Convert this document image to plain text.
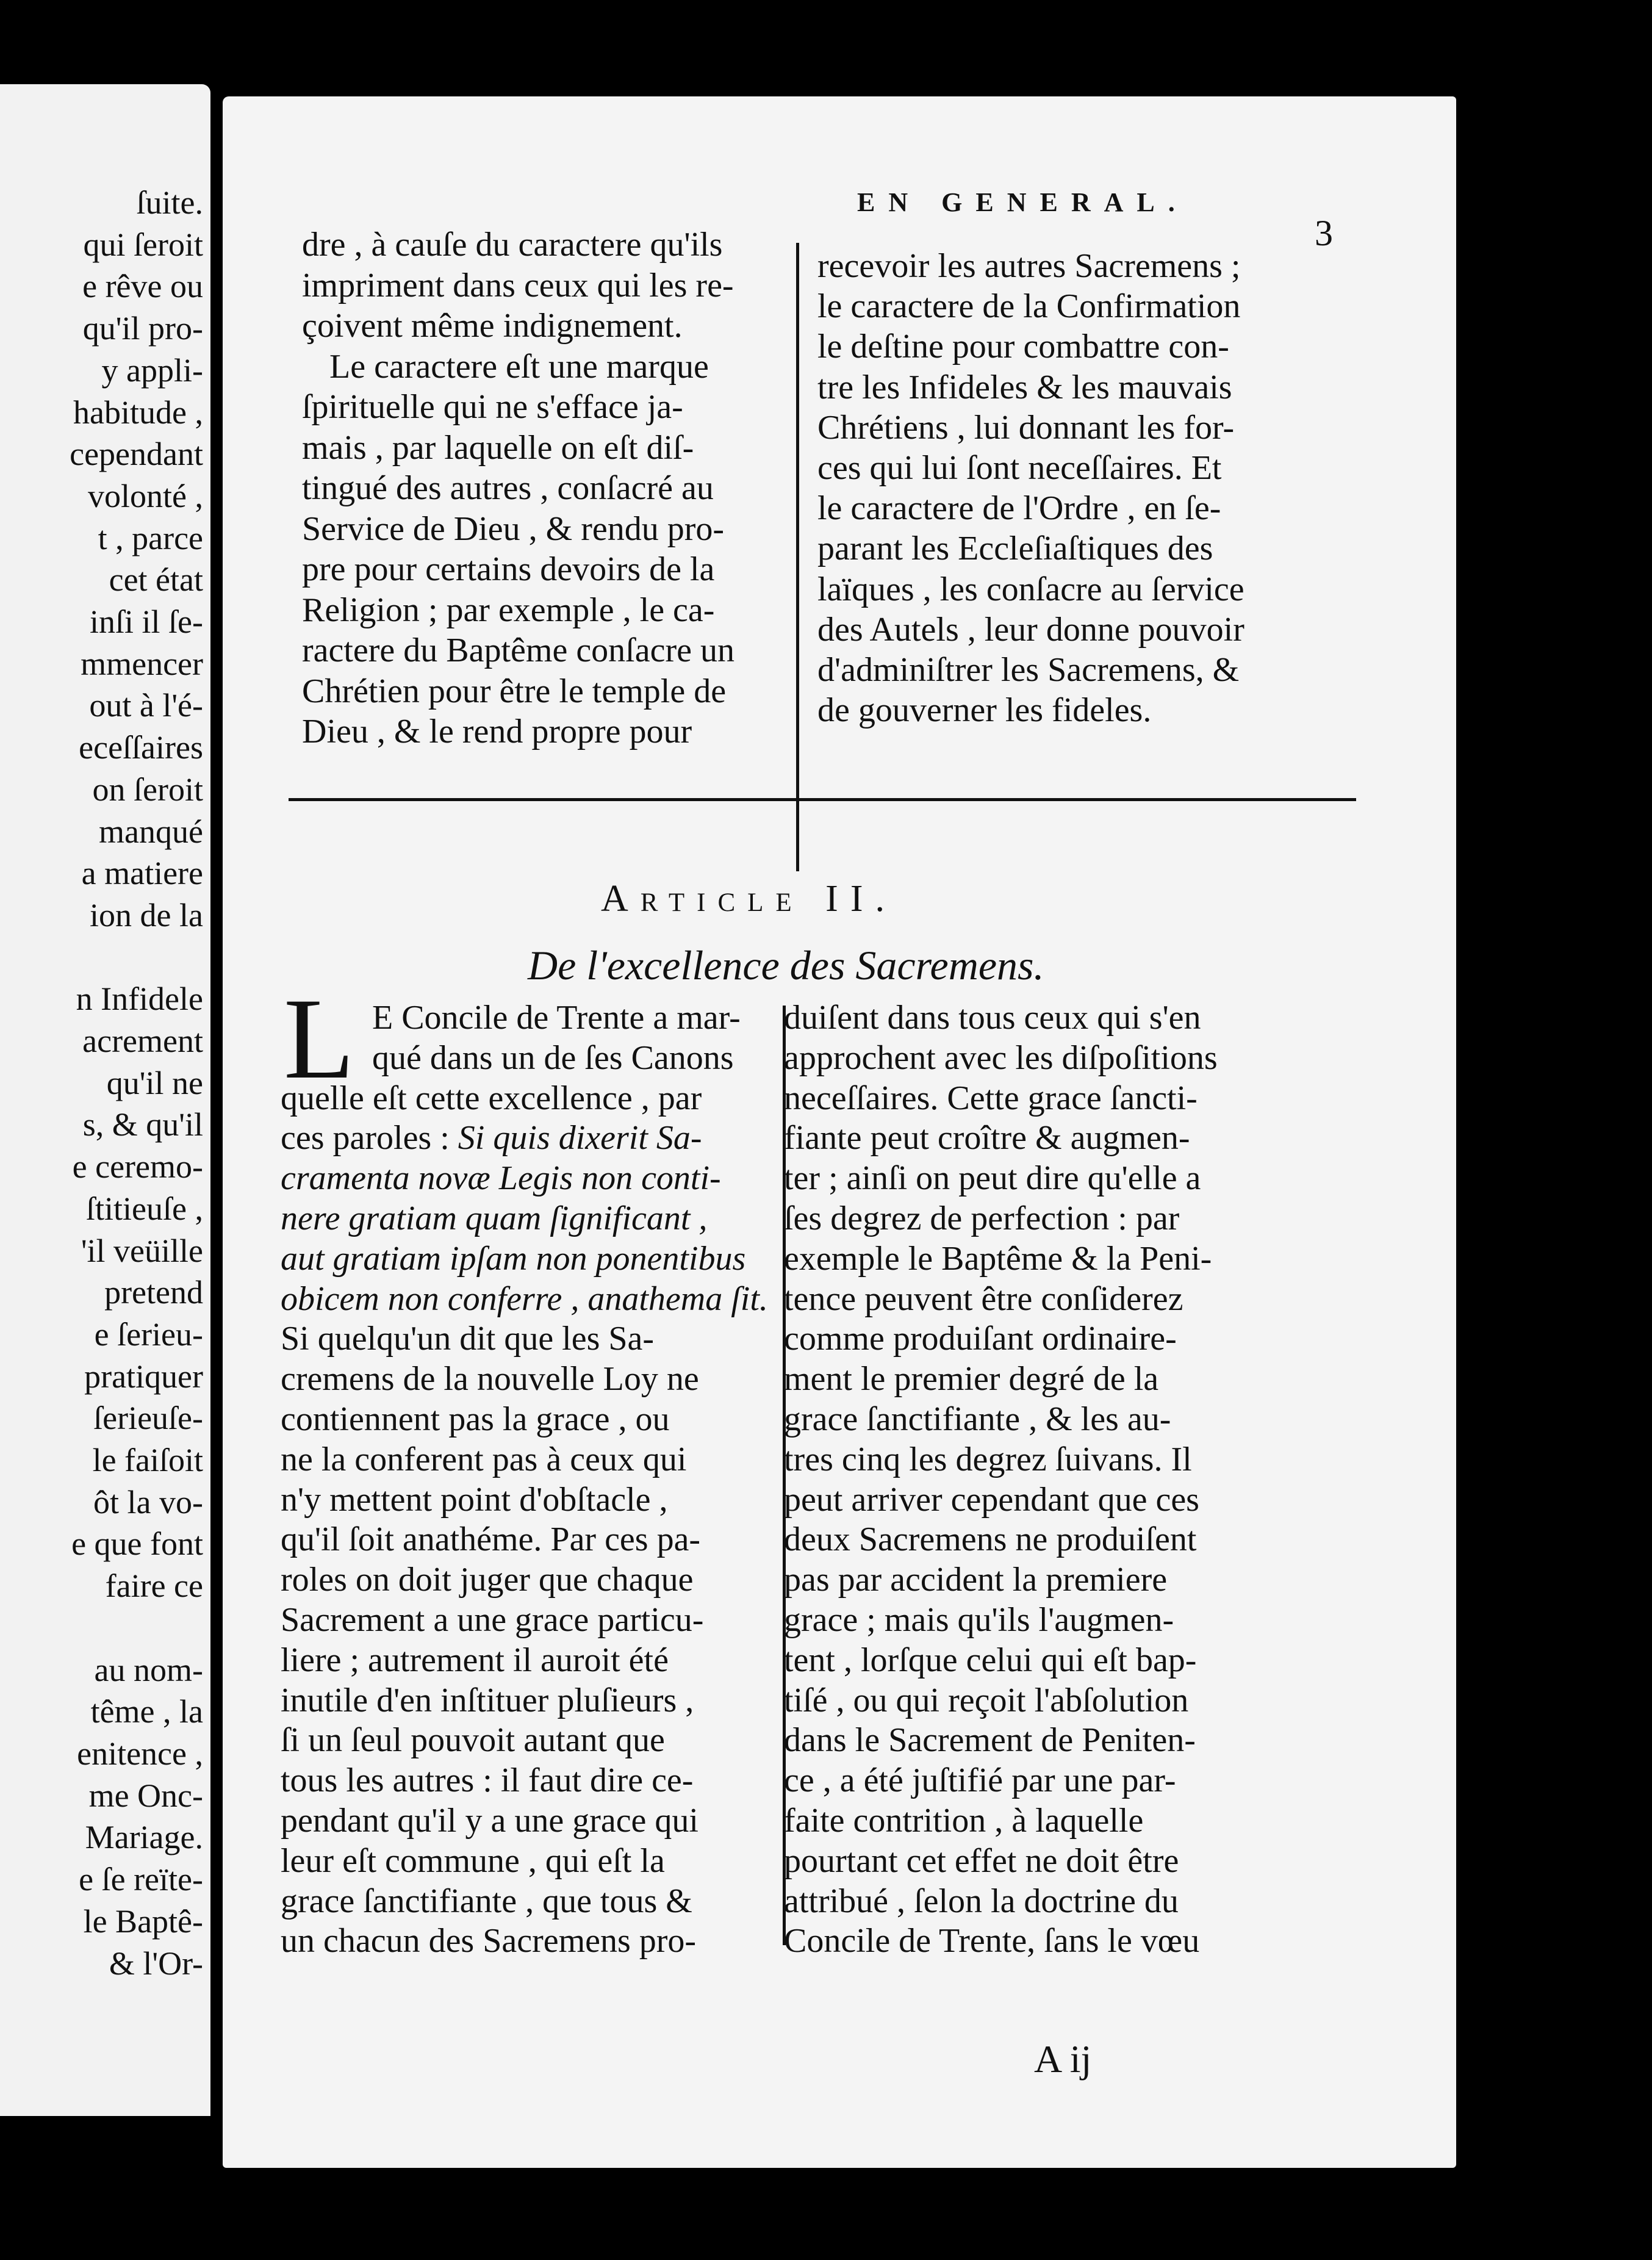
ſuite.
qui ſeroit
e rêve ou
qu'il pro-
y appli-
habitude ,
cependant
volonté ,
t , parce
cet état
inſi il ſe-
mmencer
out à l'é-
eceſſaires
on ſeroit
manqué
a matiere
ion de la
n Infidele
acrement
qu'il ne
s, & qu'il
e ceremo-
ſtitieuſe ,
'il veüille
pretend
e ſerieu-
pratiquer
ſerieuſe-
le faiſoit
ôt la vo-
e que font
faire ce
au nom-
tême , la
enitence ,
me Onc-
Mariage.
e ſe reïte-
le Baptê-
& l'Or-
EN GENERAL.
3
dre , à cauſe du caractere qu'ils
impriment dans ceux qui les re-
çoivent même indignement.
Le caractere eſt une marque
ſpirituelle qui ne s'efface ja-
mais , par laquelle on eſt diſ-
tingué des autres , conſacré au
Service de Dieu , & rendu pro-
pre pour certains devoirs de la
Religion ; par exemple , le ca-
ractere du Baptême conſacre un
Chrétien pour être le temple de
Dieu , & le rend propre pour
recevoir les autres Sacremens ;
le caractere de la Confirmation
le deſtine pour combattre con-
tre les Infideles & les mauvais
Chrétiens , lui donnant les for-
ces qui lui ſont neceſſaires. Et
le caractere de l'Ordre , en ſe-
parant les Eccleſiaſtiques des
laïques , les conſacre au ſervice
des Autels , leur donne pouvoir
d'adminiſtrer les Sacremens, &
de gouverner les fideles.
Article II.
De l'excellence des Sacremens.
L E Concile de Trente a mar-
qué dans un de ſes Canons
quelle eſt cette excellence , par
ces paroles : Si quis dixerit Sa-
cramenta novæ Legis non conti-
nere gratiam quam ſignificant ,
aut gratiam ipſam non ponentibus
obicem non conferre , anathema ſit.
Si quelqu'un dit que les Sa-
cremens de la nouvelle Loy ne
contiennent pas la grace , ou
ne la conferent pas à ceux qui
n'y mettent point d'obſtacle ,
qu'il ſoit anathéme. Par ces pa-
roles on doit juger que chaque
Sacrement a une grace particu-
liere ; autrement il auroit été
inutile d'en inſtituer pluſieurs ,
ſi un ſeul pouvoit autant que
tous les autres : il faut dire ce-
pendant qu'il y a une grace qui
leur eſt commune , qui eſt la
grace ſanctifiante , que tous &
un chacun des Sacremens pro-
duiſent dans tous ceux qui s'en
approchent avec les diſpoſitions
neceſſaires. Cette grace ſancti-
fiante peut croître & augmen-
ter ; ainſi on peut dire qu'elle a
ſes degrez de perfection : par
exemple le Baptême & la Peni-
tence peuvent être conſiderez
comme produiſant ordinaire-
ment le premier degré de la
grace ſanctifiante , & les au-
tres cinq les degrez ſuivans. Il
peut arriver cependant que ces
deux Sacremens ne produiſent
pas par accident la premiere
grace ; mais qu'ils l'augmen-
tent , lorſque celui qui eſt bap-
tiſé , ou qui reçoit l'abſolution
dans le Sacrement de Peniten-
ce , a été juſtifié par une par-
faite contrition , à laquelle
pourtant cet effet ne doit être
attribué , ſelon la doctrine du
Concile de Trente, ſans le vœu
A ij
